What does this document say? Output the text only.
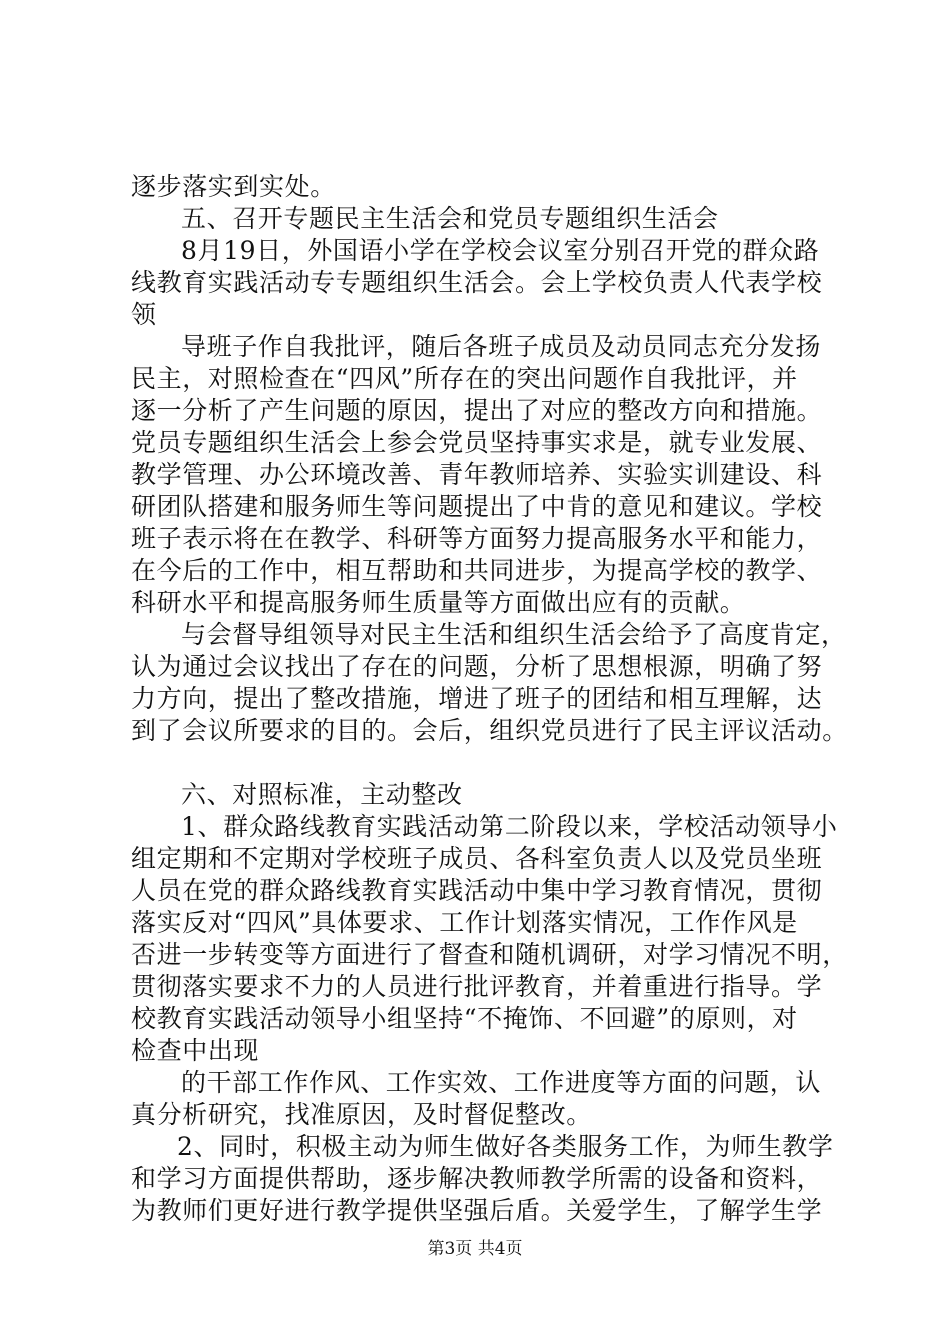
逐步落实到实处。
五、召开专题民主生活会和党员专题组织生活会
8月19日，外国语小学在学校会议室分别召开党的群众路
线教育实践活动专专题组织生活会。会上学校负责人代表学校
领
导班子作自我批评，随后各班子成员及动员同志充分发扬
民主，对照检查在“四风”所存在的突出问题作自我批评，并
逐一分析了产生问题的原因，提出了对应的整改方向和措施。
党员专题组织生活会上参会党员坚持事实求是，就专业发展、
教学管理、办公环境改善、青年教师培养、实验实训建设、科
研团队搭建和服务师生等问题提出了中肯的意见和建议。学校
班子表示将在在教学、科研等方面努力提高服务水平和能力，
在今后的工作中，相互帮助和共同进步，为提高学校的教学、
科研水平和提高服务师生质量等方面做出应有的贡献。
与会督导组领导对民主生活和组织生活会给予了高度肯定，
认为通过会议找出了存在的问题，分析了思想根源，明确了努
力方向，提出了整改措施，增进了班子的团结和相互理解，达
到了会议所要求的目的。会后，组织党员进行了民主评议活动。
六、对照标准，主动整改
1、群众路线教育实践活动第二阶段以来，学校活动领导小
组定期和不定期对学校班子成员、各科室负责人以及党员坐班
人员在党的群众路线教育实践活动中集中学习教育情况，贯彻
落实反对“四风”具体要求、工作计划落实情况，工作作风是
否进一步转变等方面进行了督查和随机调研，对学习情况不明，
贯彻落实要求不力的人员进行批评教育，并着重进行指导。学
校教育实践活动领导小组坚持“不掩饰、不回避”的原则，对
检查中出现
的干部工作作风、工作实效、工作进度等方面的问题，认
真分析研究，找准原因，及时督促整改。
2、同时，积极主动为师生做好各类服务工作，为师生教学
和学习方面提供帮助，逐步解决教师教学所需的设备和资料，
为教师们更好进行教学提供坚强后盾。关爱学生，了解学生学
第3页 共4页
